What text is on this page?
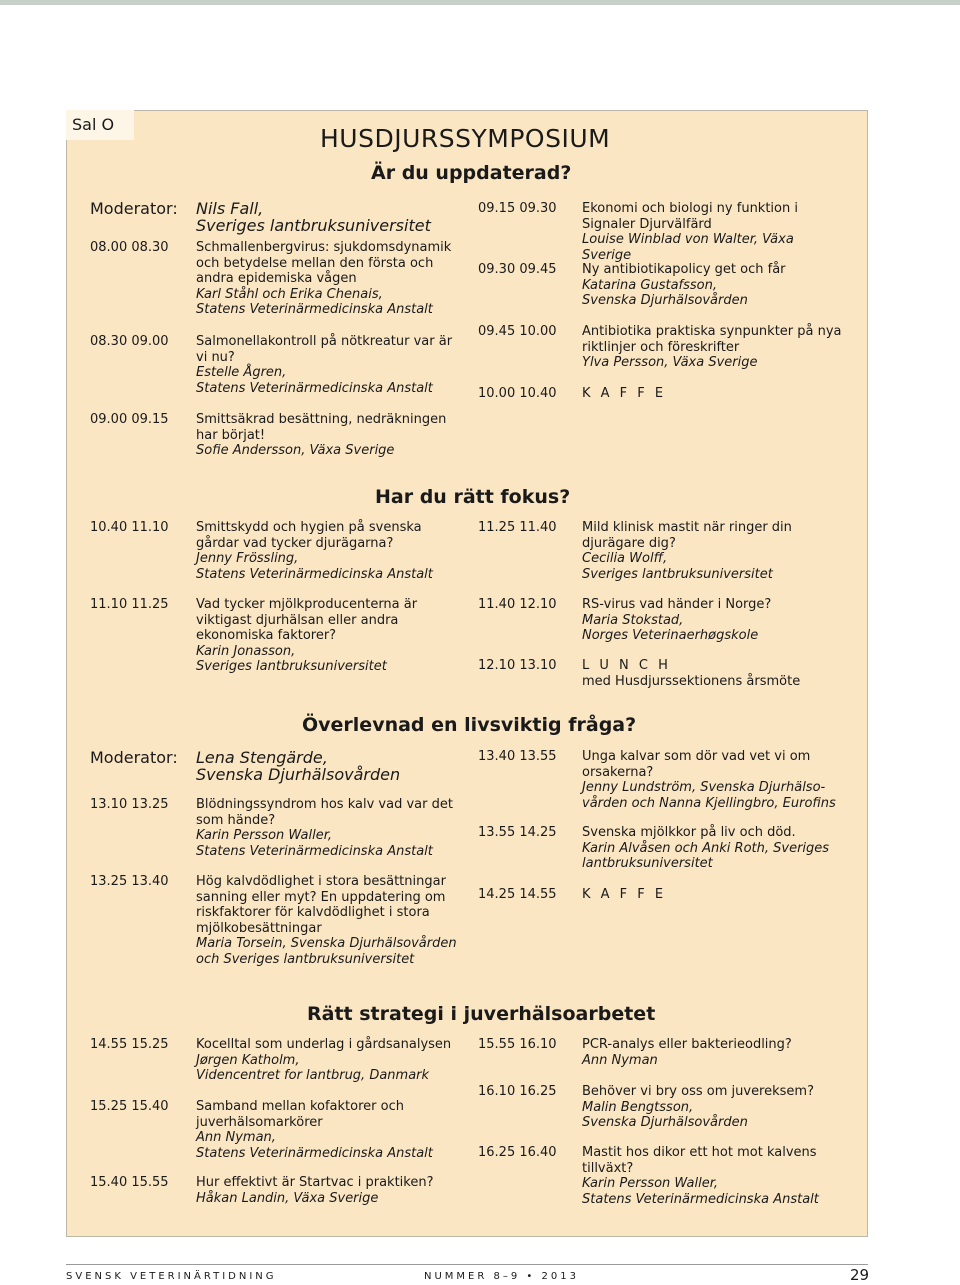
Sal O	HUSDJURSSYMPOSIUM
Är du uppdaterad?
Moderator: Nils Fall,
Sveriges lantbruksuniversitet
08.00 08.30 Schmallenbergvirus: sjukdomsdynamik och betydelse mellan den första och andra epidemiska vågen
Karl Ståhl och Erika Chenais,
Statens Veterinärmedicinska Anstalt
08.30 09.00 Salmonellakontroll på nötkreatur var är vi nu?
Estelle Ågren,
Statens Veterinärmedicinska Anstalt
09.00 09.15 Smittsäkrad besättning, nedräkningen har börjat!
Sofie Andersson, Växa Sverige
09.15 09.30 Ekonomi och biologi ny funktion i Signaler Djurvälfärd
Louise Winblad von Walter, Växa Sverige
09.30 09.45 Ny antibiotikapolicy get och får
Katarina Gustafsson,
Svenska Djurhälsovården
09.45 10.00 Antibiotika praktiska synpunkter på nya riktlinjer och föreskrifter
Ylva Persson, Växa Sverige
10.00 10.40 K A F F E
Har du rätt fokus?
10.40 11.10 Smittskydd och hygien på svenska gårdar vad tycker djurägarna?
Jenny Frössling,
Statens Veterinärmedicinska Anstalt
11.10 11.25 Vad tycker mjölkproducenterna är viktigast djurhälsan eller andra ekonomiska faktorer?
Karin Jonasson,
Sveriges lantbruksuniversitet
11.25 11.40 Mild klinisk mastit när ringer din djurägare dig?
Cecilia Wolff,
Sveriges lantbruksuniversitet
11.40 12.10 RS-virus vad händer i Norge?
Maria Stokstad,
Norges Veterinaerhøgskole
12.10 13.10 L U N C H
med Husdjurssektionens årsmöte
Överlevnad en livsviktig fråga?
Moderator: Lena Stengärde,
Svenska Djurhälsovården
13.10 13.25 Blödningssyndrom hos kalv vad var det som hände?
Karin Persson Waller,
Statens Veterinärmedicinska Anstalt
13.25 13.40 Hög kalvdödlighet i stora besättningar sanning eller myt? En uppdatering om riskfaktorer för kalvdödlighet i stora mjölkobesättningar
Maria Torsein, Svenska Djurhälsovården
och Sveriges lantbruksuniversitet
13.40 13.55 Unga kalvar som dör vad vet vi om orsakerna?
Jenny Lundström, Svenska Djurhälso-
vården och Nanna Kjellingbro, Eurofins
13.55 14.25 Svenska mjölkkor på liv och död.
Karin Alvåsen och Anki Roth, Sveriges
lantbruksuniversitet
14.25 14.55 K A F F E
Rätt strategi i juverhälsoarbetet
14.55 15.25 Kocelltal som underlag i gårdsanalysen
Jørgen Katholm,
Videncentret for lantbrug, Danmark
15.25 15.40 Samband mellan kofaktorer och juverhälsomarkörer
Ann Nyman,
Statens Veterinärmedicinska Anstalt
15.40 15.55 Hur effektivt är Startvac i praktiken?
Håkan Landin, Växa Sverige
15.55 16.10 PCR-analys eller bakterieodling?
Ann Nyman
16.10 16.25 Behöver vi bry oss om juvereksem?
Malin Bengtsson,
Svenska Djurhälsovården
16.25 16.40 Mastit hos dikor ett hot mot kalvens tillväxt?
Karin Persson Waller,
Statens Veterinärmedicinska Anstalt
SVENSK VETERINÄRTIDNING	NUMMER 8–9 • 2013	29
